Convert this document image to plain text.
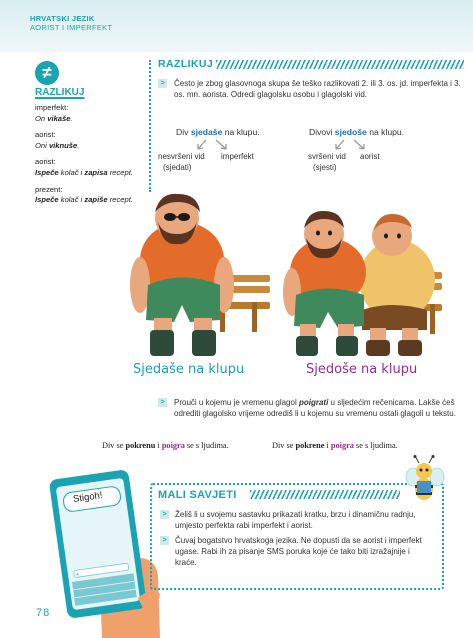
HRVATSKI JEZIK
AORIST I IMPERFEKT
≠
RAZLIKUJ
imperfekt:
On vikaše.
aorist:
Oni viknuše.
aorist:
Ispeče kolač i zapisa recept.
prezent:
Ispeče kolač i zapiše recept.
RAZLIKUJ
>	Često je zbog glasovnoga skupa še teško razlikovati 2. ili 3. os. jd. imperfekta i 3. os. mn. aorista. Odredi glagolsku osobu i glagolski vid.
Div sjedaše na klupu.
nesvršeni vid imperfekt
(sjedati)
Divovi sjedoše na klupu.
svršeni vid aorist
(sjesti)
Sjedaše na klupu	Sjedoše na klupu
>	Prouči u kojemu je vremenu glagol poigrati u sljedećim rečenicama. Lakše ćeš odrediti glagolsko vrijeme odrediš li u kojemu su vremenu ostali glagoli u tekstu.
Div se pokrenu i poigra se s ljudima.	Div se pokrene i poigra se s ljudima.
+
Stigoh!	MALI SAVJETI
>	Želiš li u svojemu sastavku prikazati kratku, brzu i dinamičnu radnju, umjesto perfekta rabi imperfekt i aorist.
>	Čuvaj bogatstvo hrvatskoga jezika. Ne dopusti da se aorist i imperfekt ugase. Rabi ih za pisanje SMS poruka koje će tako biti izražajnije i kraće.
78
